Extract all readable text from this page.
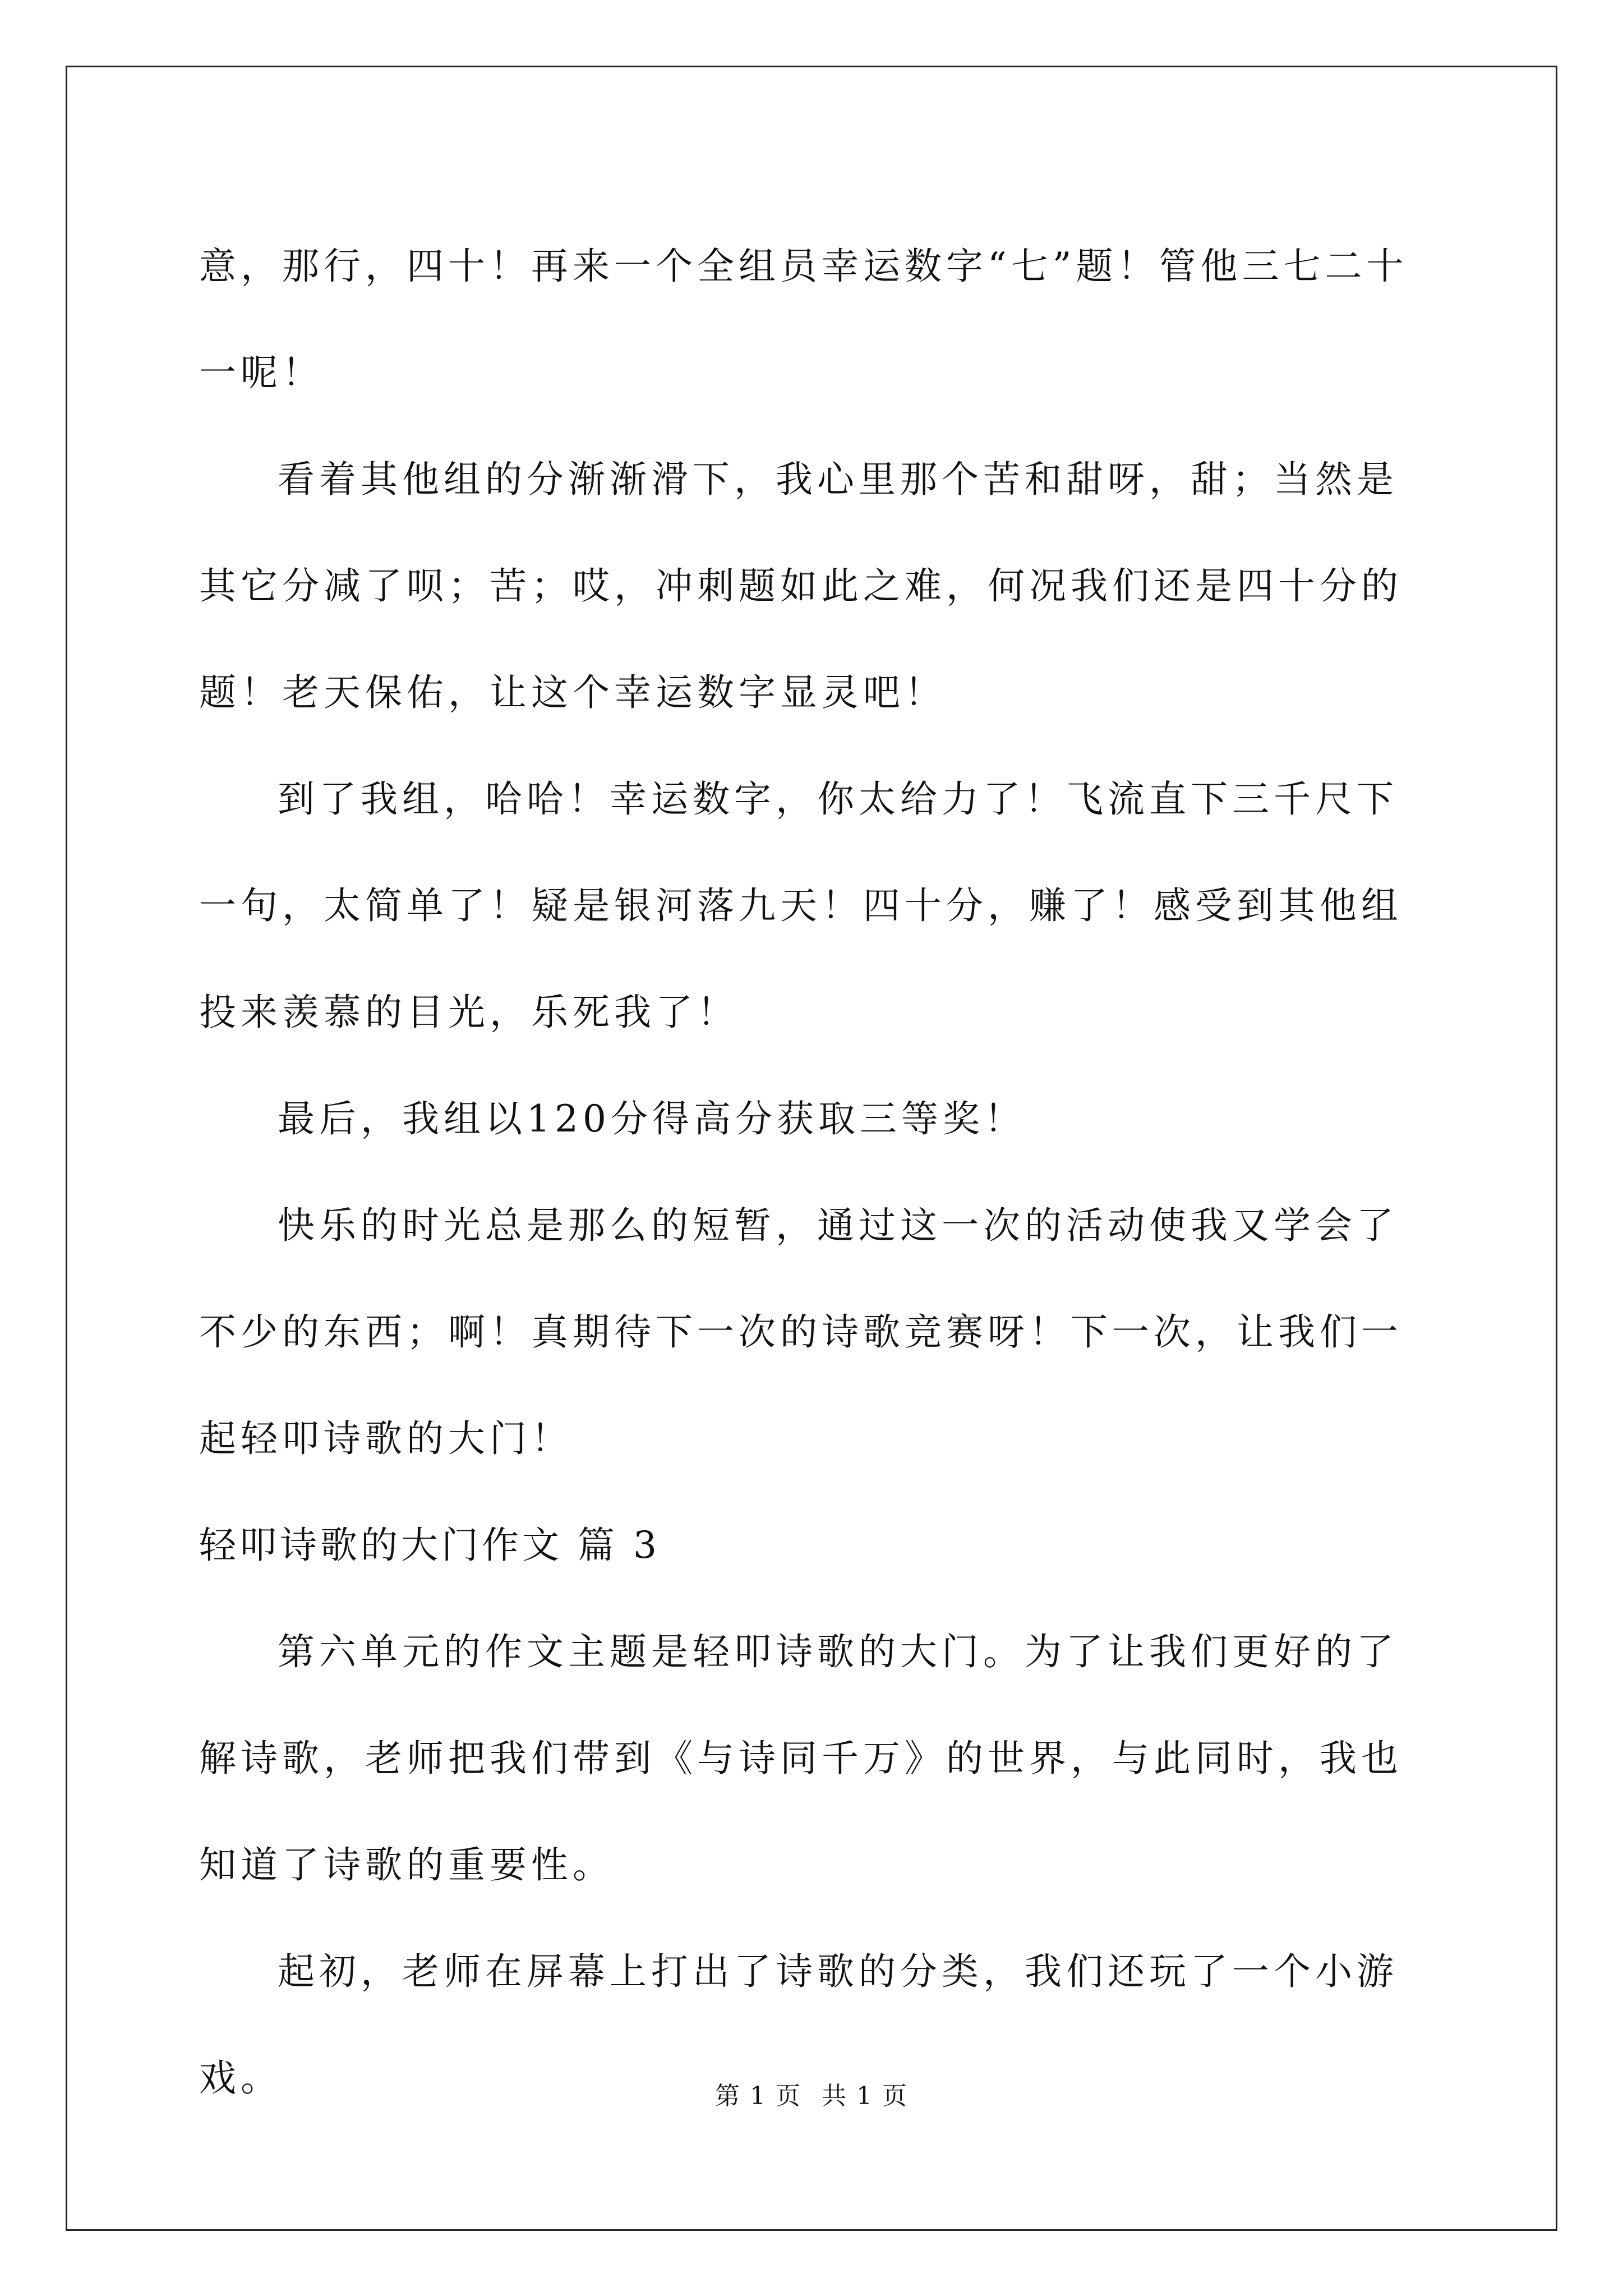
意，那行，四十！再来一个全组员幸运数字“七”题！管他三七二十一呢！

看着其他组的分渐渐滑下，我心里那个苦和甜呀，甜；当然是其它分减了呗；苦；哎，冲刺题如此之难，何况我们还是四十分的题！老天保佑，让这个幸运数字显灵吧！

到了我组，哈哈！幸运数字，你太给力了！飞流直下三千尺下一句，太简单了！疑是银河落九天！四十分，赚了！感受到其他组投来羡慕的目光，乐死我了！

最后，我组以120分得高分获取三等奖！

快乐的时光总是那么的短暂，通过这一次的活动使我又学会了不少的东西；啊！真期待下一次的诗歌竞赛呀！下一次，让我们一起轻叩诗歌的大门！

轻叩诗歌的大门作文 篇 3

第六单元的作文主题是轻叩诗歌的大门。为了让我们更好的了解诗歌，老师把我们带到《与诗同千万》的世界，与此同时，我也知道了诗歌的重要性。

起初，老师在屏幕上打出了诗歌的分类，我们还玩了一个小游戏。	第 1 页 共 1 页
